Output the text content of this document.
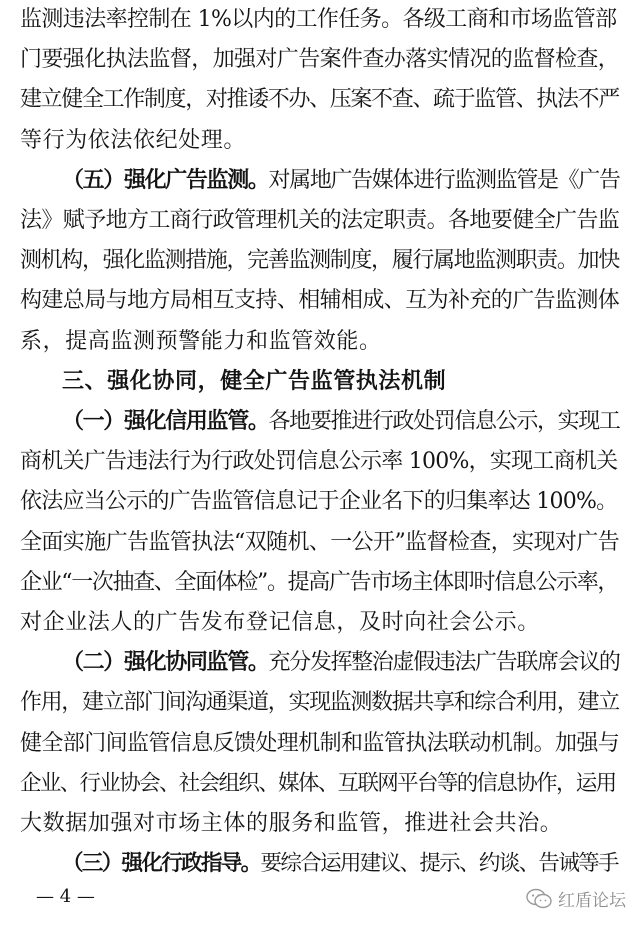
监测违法率控制在 1%以内的工作任务。各级工商和市场监管部
门要强化执法监督，加强对广告案件查办落实情况的监督检查，
建立健全工作制度，对推诿不办、压案不查、疏于监管、执法不严
等行为依法依纪处理。
（五）强化广告监测。对属地广告媒体进行监测监管是《广告
法》赋予地方工商行政管理机关的法定职责。各地要健全广告监
测机构，强化监测措施，完善监测制度，履行属地监测职责。加快
构建总局与地方局相互支持、相辅相成、互为补充的广告监测体
系，提高监测预警能力和监管效能。
三、强化协同，健全广告监管执法机制
（一）强化信用监管。各地要推进行政处罚信息公示，实现工
商机关广告违法行为行政处罚信息公示率 100%，实现工商机关
依法应当公示的广告监管信息记于企业名下的归集率达 100%。
全面实施广告监管执法“双随机、一公开”监督检查，实现对广告
企业“一次抽查、全面体检”。提高广告市场主体即时信息公示率，
对企业法人的广告发布登记信息，及时向社会公示。
（二）强化协同监管。充分发挥整治虚假违法广告联席会议的
作用，建立部门间沟通渠道，实现监测数据共享和综合利用，建立
健全部门间监管信息反馈处理机制和监管执法联动机制。加强与
企业、行业协会、社会组织、媒体、互联网平台等的信息协作，运用
大数据加强对市场主体的服务和监管，推进社会共治。
（三）强化行政指导。要综合运用建议、提示、约谈、告诫等手
— 4 —	红盾论坛
